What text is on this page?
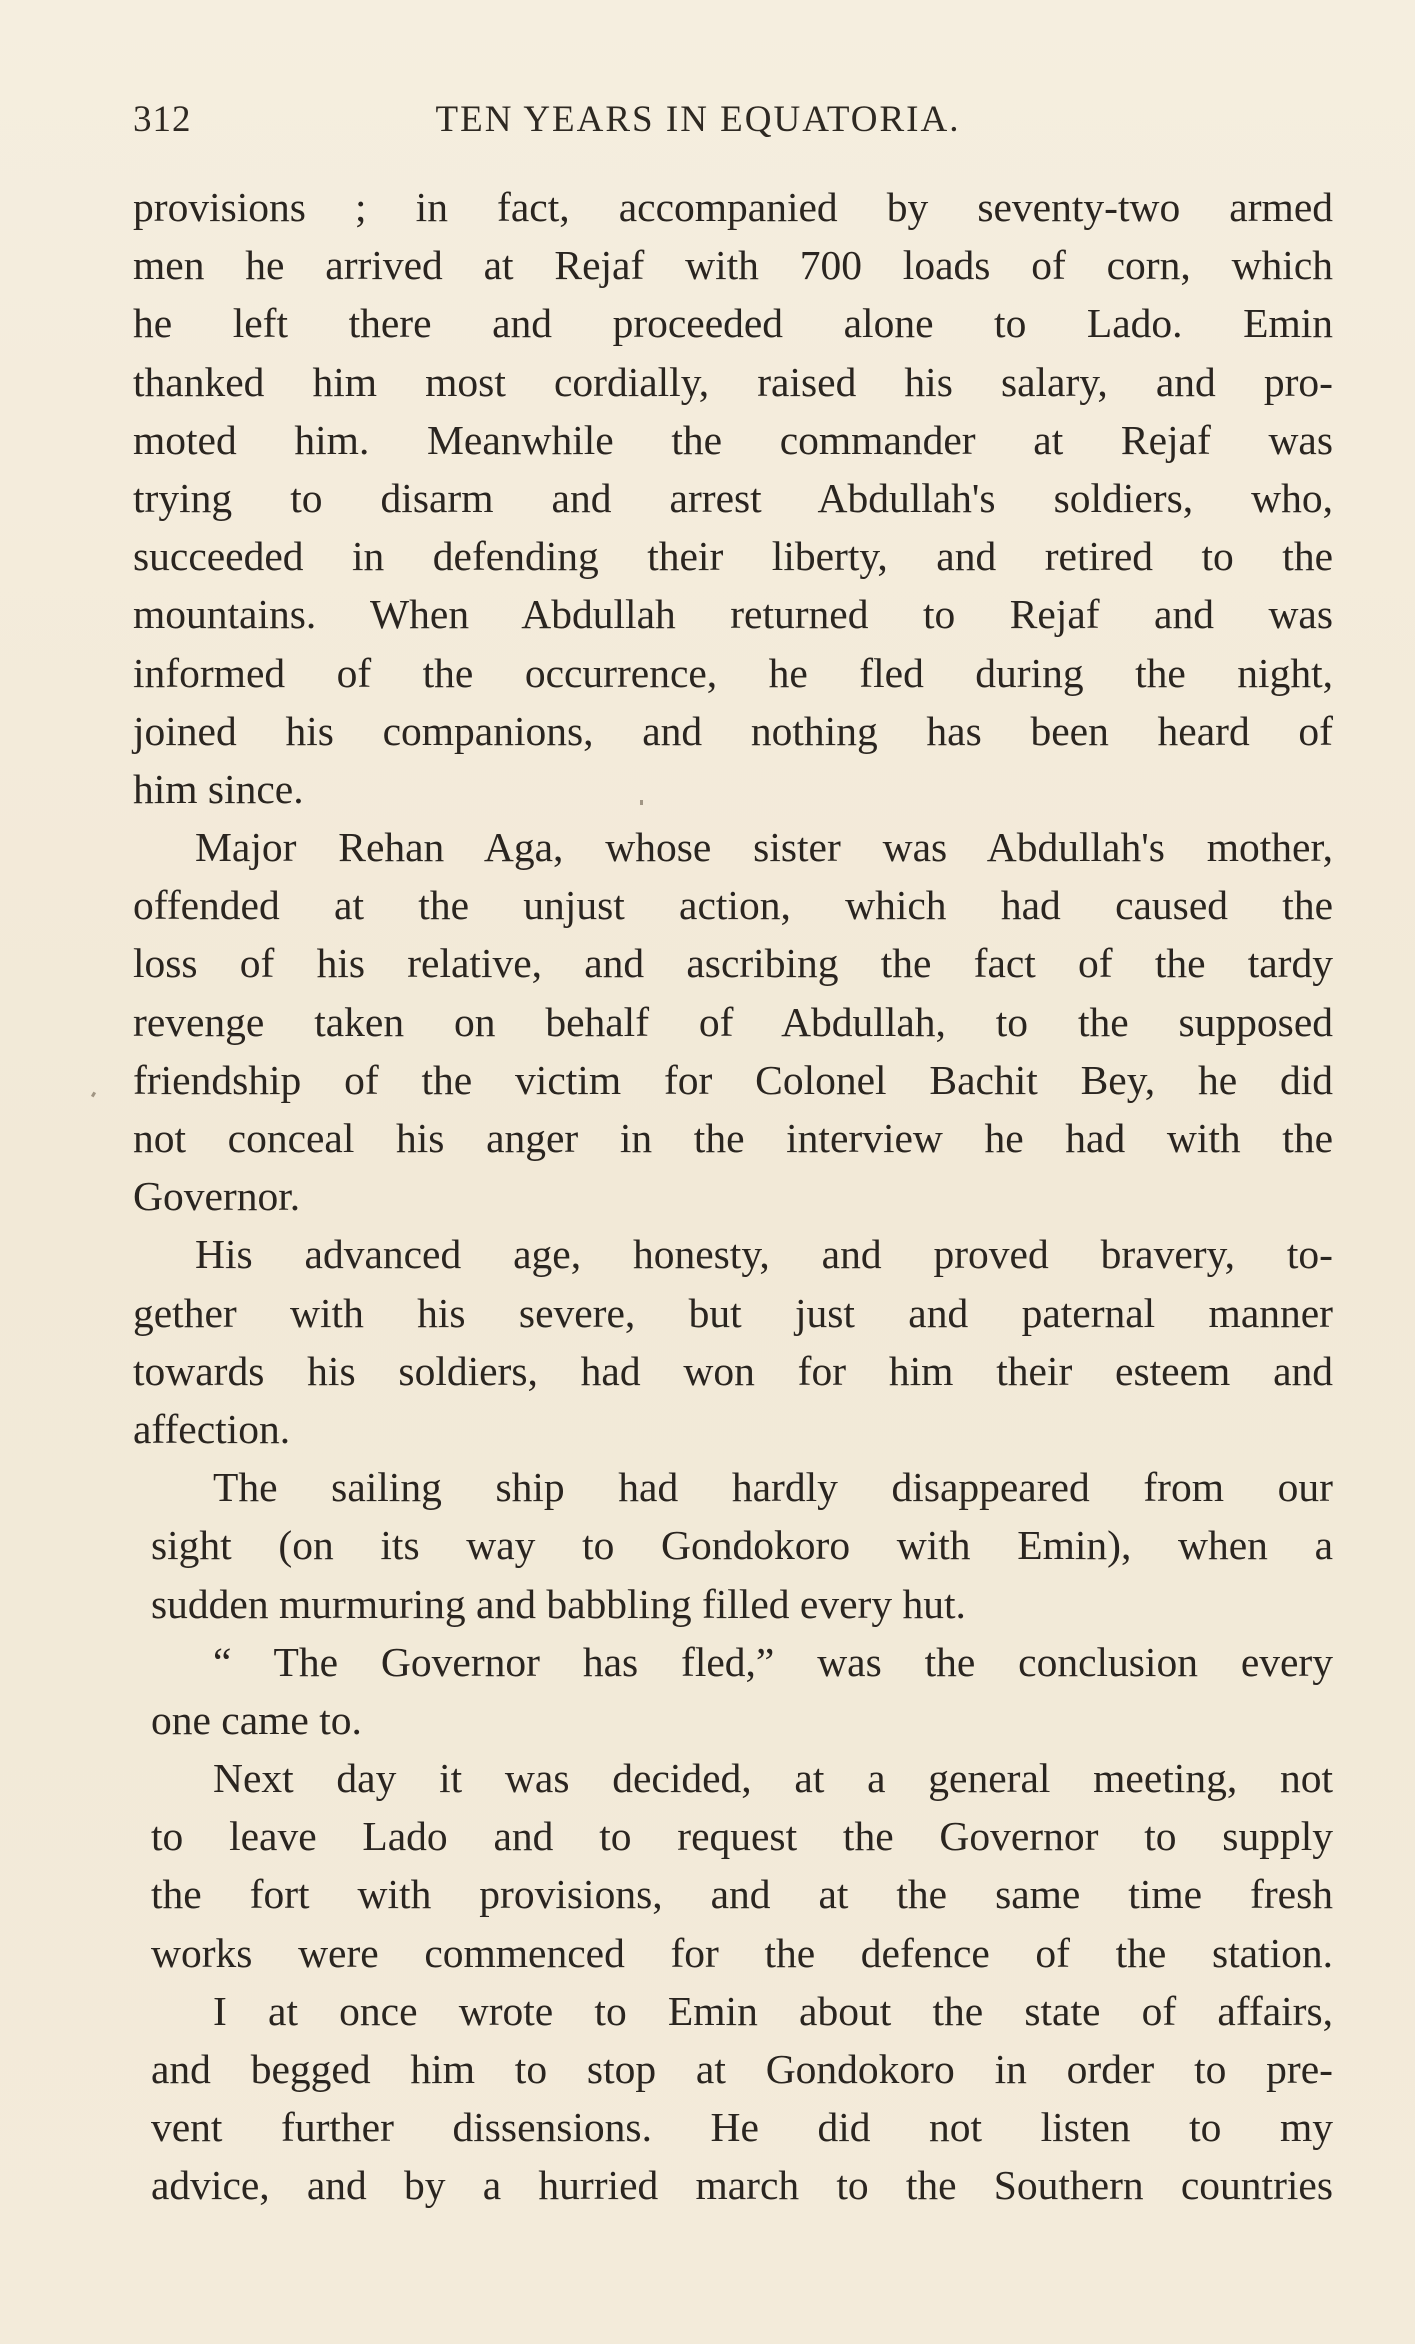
312	TEN YEARS IN EQUATORIA.
provisions ; in fact, accompanied by seventy-two armed
men he arrived at Rejaf with 700 loads of corn, which
he left there and proceeded alone to Lado. Emin
thanked him most cordially, raised his salary, and pro-
moted him. Meanwhile the commander at Rejaf was
trying to disarm and arrest Abdullah's soldiers, who,
succeeded in defending their liberty, and retired to the
mountains. When Abdullah returned to Rejaf and was
informed of the occurrence, he fled during the night,
joined his companions, and nothing has been heard of
him since.
Major Rehan Aga, whose sister was Abdullah's mother,
offended at the unjust action, which had caused the
loss of his relative, and ascribing the fact of the tardy
revenge taken on behalf of Abdullah, to the supposed
friendship of the victim for Colonel Bachit Bey, he did
not conceal his anger in the interview he had with the
Governor.
His advanced age, honesty, and proved bravery, to-
gether with his severe, but just and paternal manner
towards his soldiers, had won for him their esteem and
affection.
The sailing ship had hardly disappeared from our
sight (on its way to Gondokoro with Emin), when a
sudden murmuring and babbling filled every hut.
“ The Governor has fled,” was the conclusion every
one came to.
Next day it was decided, at a general meeting, not
to leave Lado and to request the Governor to supply
the fort with provisions, and at the same time fresh
works were commenced for the defence of the station.
I at once wrote to Emin about the state of affairs,
and begged him to stop at Gondokoro in order to pre-
vent further dissensions. He did not listen to my
advice, and by a hurried march to the Southern countries
